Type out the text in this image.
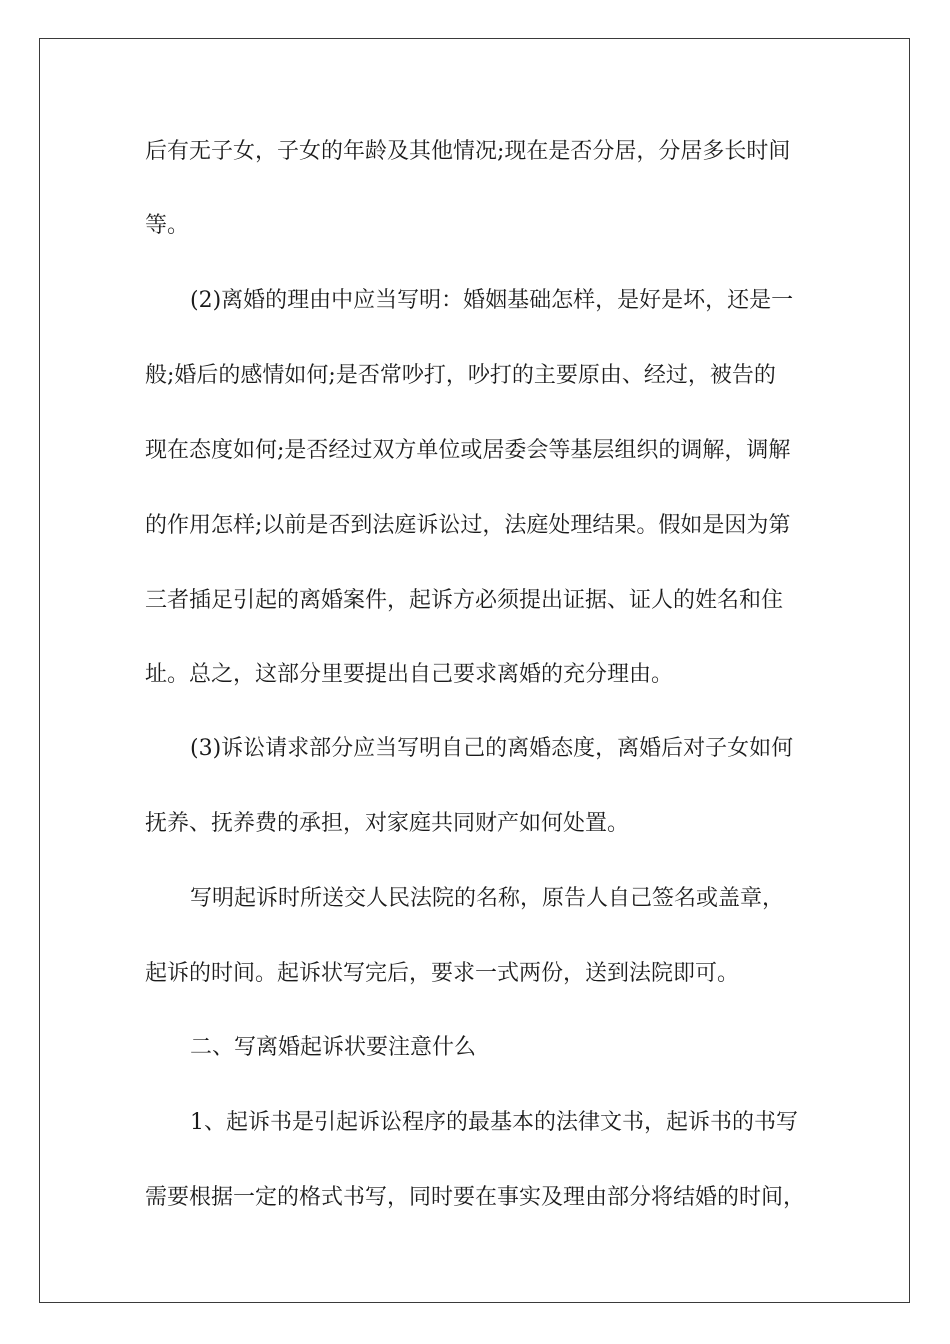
后有无子女，子女的年龄及其他情况;现在是否分居，分居多长时间
等。
(2)离婚的理由中应当写明：婚姻基础怎样，是好是坏，还是一
般;婚后的感情如何;是否常吵打，吵打的主要原由、经过，被告的
现在态度如何;是否经过双方单位或居委会等基层组织的调解，调解
的作用怎样;以前是否到法庭诉讼过，法庭处理结果。假如是因为第
三者插足引起的离婚案件，起诉方必须提出证据、证人的姓名和住
址。总之，这部分里要提出自己要求离婚的充分理由。
(3)诉讼请求部分应当写明自己的离婚态度，离婚后对子女如何
抚养、抚养费的承担，对家庭共同财产如何处置。
写明起诉时所送交人民法院的名称，原告人自己签名或盖章，
起诉的时间。起诉状写完后，要求一式两份，送到法院即可。
二、写离婚起诉状要注意什么
1、起诉书是引起诉讼程序的最基本的法律文书，起诉书的书写
需要根据一定的格式书写，同时要在事实及理由部分将结婚的时间，
